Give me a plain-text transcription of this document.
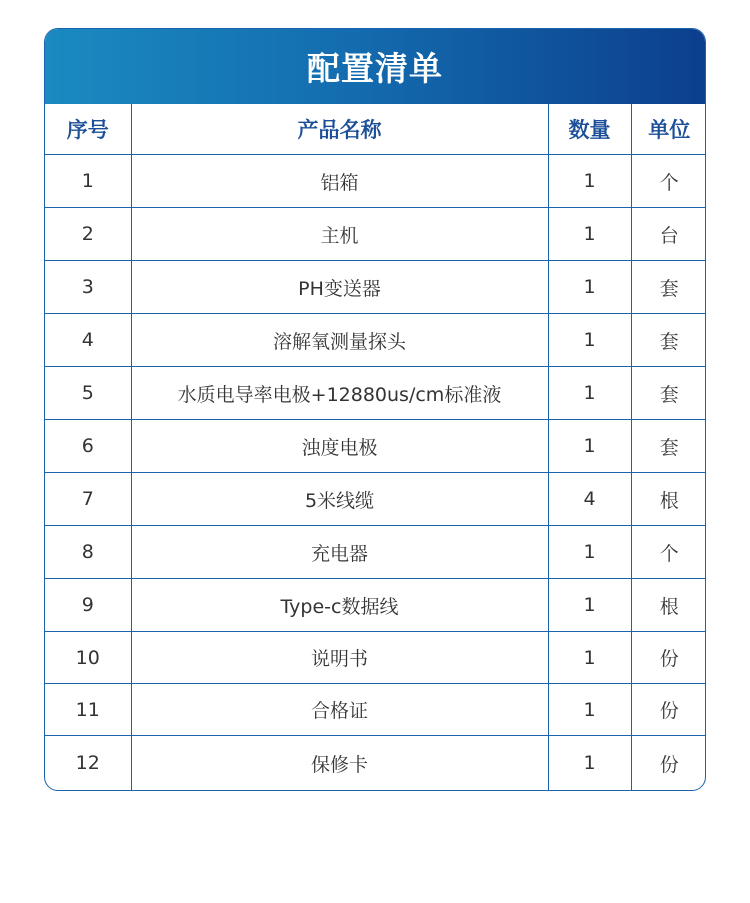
配置清单
序号	产品名称	数量	单位
1	铝箱	1	个
2	主机	1	台
3	PH变送器	1	套
4	溶解氧测量探头	1	套
5	水质电导率电极+12880us/cm标准液	1	套
6	浊度电极	1	套
7	5米线缆	4	根
8	充电器	1	个
9	Type-c数据线	1	根
10	说明书	1	份
11	合格证	1	份
12	保修卡	1	份
